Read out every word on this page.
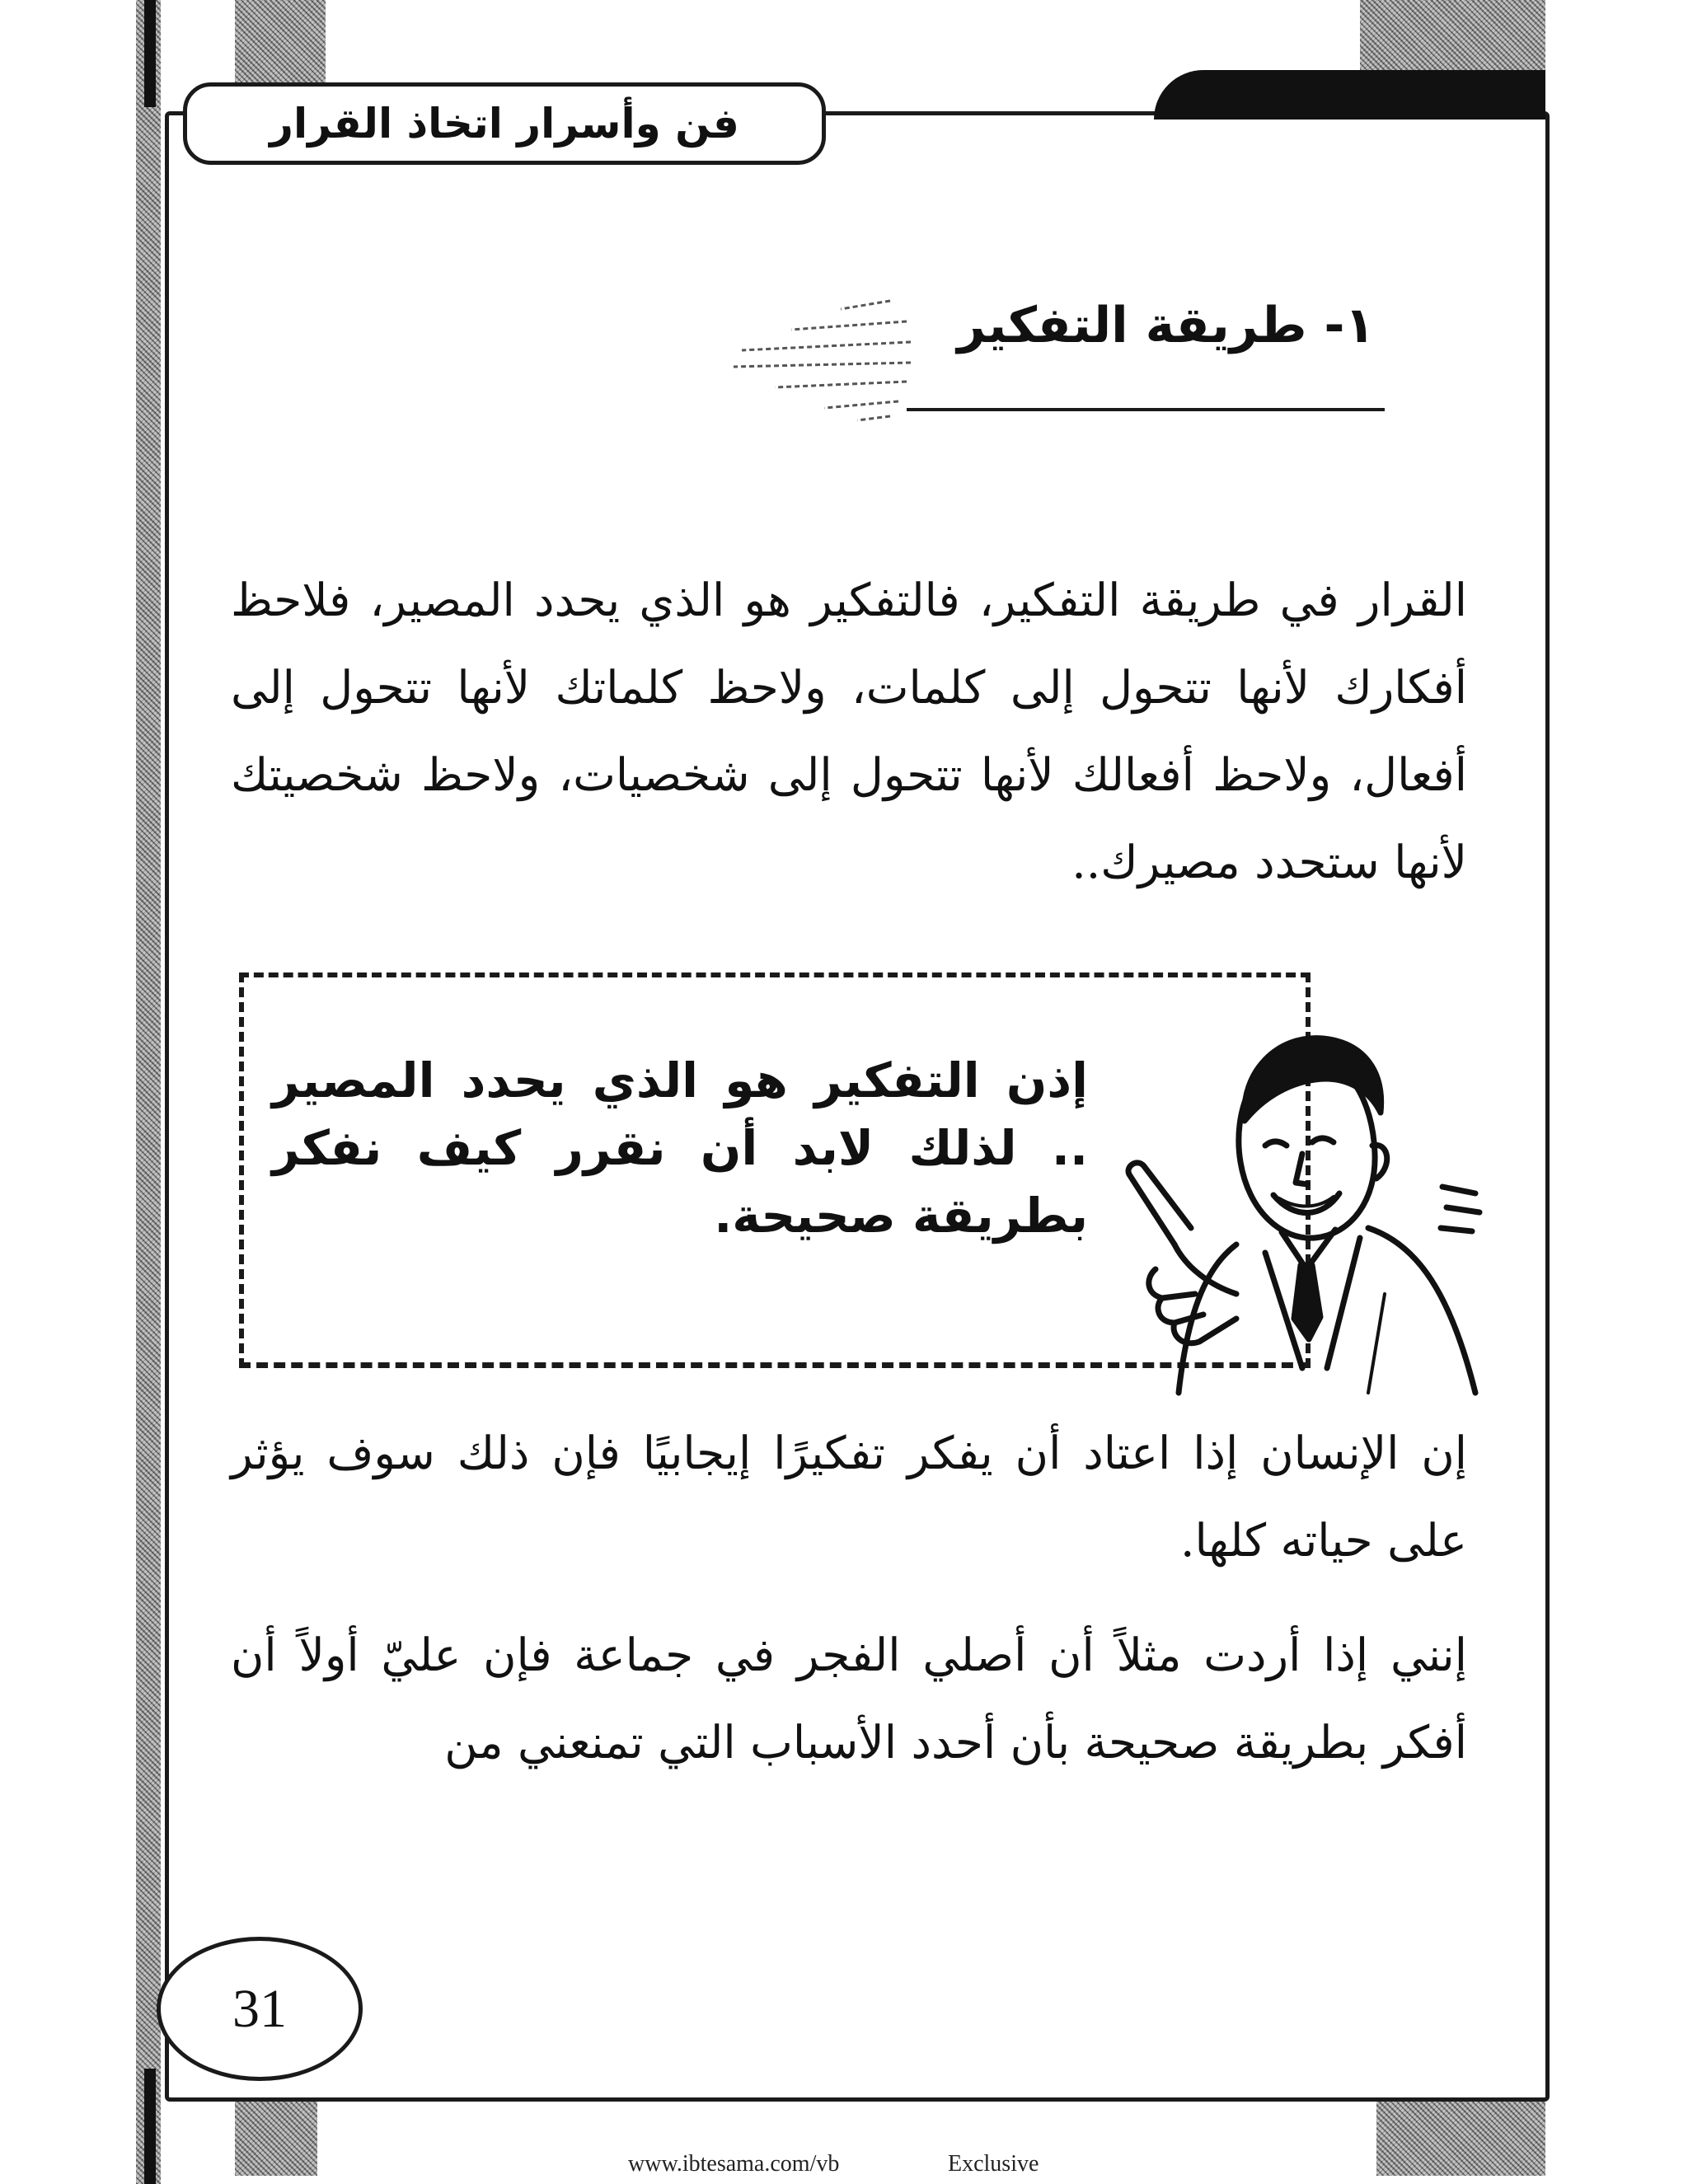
فن وأسرار اتخاذ القرار
١- طريقة التفكير

القرار في طريقة التفكير، فالتفكير هو الذي يحدد المصير، فلاحظ أفكارك لأنها تتحول إلى كلمات، ولاحظ كلماتك لأنها تتحول إلى أفعال، ولاحظ أفعالك لأنها تتحول إلى شخصيات، ولاحظ شخصيتك لأنها ستحدد مصيرك..

إذن التفكير هو الذي يحدد المصير .. لذلك لابد أن نقرر كيف نفكر بطريقة صحيحة.

إن الإنسان إذا اعتاد أن يفكر تفكيرًا إيجابيًا فإن ذلك سوف يؤثر على حياته كلها.

إنني إذا أردت مثلاً أن أصلي الفجر في جماعة فإن عليّ أولاً أن أفكر بطريقة صحيحة بأن أحدد الأسباب التي تمنعني من

31
www.ibtesama.com/vb	Exclusive
